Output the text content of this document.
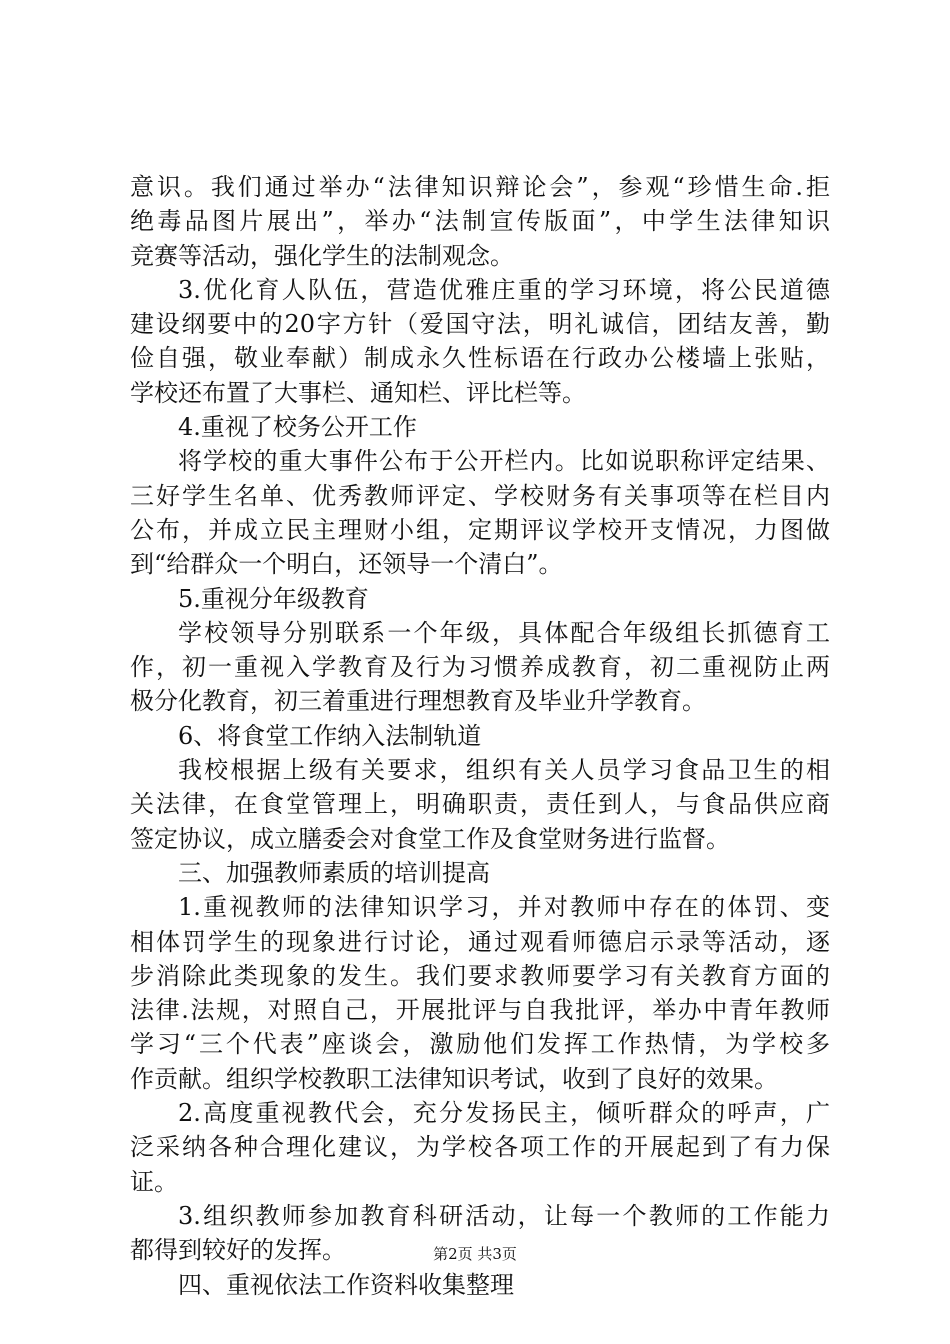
意识。我们通过举办“法律知识辩论会”，参观“珍惜生命.拒
绝毒品图片展出”，举办“法制宣传版面”，中学生法律知识
竞赛等活动，强化学生的法制观念。
3.优化育人队伍，营造优雅庄重的学习环境，将公民道德
建设纲要中的20字方针（爱国守法，明礼诚信，团结友善，勤
俭自强，敬业奉献）制成永久性标语在行政办公楼墙上张贴，
学校还布置了大事栏、通知栏、评比栏等。
4.重视了校务公开工作
将学校的重大事件公布于公开栏内。比如说职称评定结果、
三好学生名单、优秀教师评定、学校财务有关事项等在栏目内
公布，并成立民主理财小组，定期评议学校开支情况，力图做
到“给群众一个明白，还领导一个清白”。
5.重视分年级教育
学校领导分别联系一个年级，具体配合年级组长抓德育工
作，初一重视入学教育及行为习惯养成教育，初二重视防止两
极分化教育，初三着重进行理想教育及毕业升学教育。
6、将食堂工作纳入法制轨道
我校根据上级有关要求，组织有关人员学习食品卫生的相
关法律，在食堂管理上，明确职责，责任到人，与食品供应商
签定协议，成立膳委会对食堂工作及食堂财务进行监督。
三、加强教师素质的培训提高
1.重视教师的法律知识学习，并对教师中存在的体罚、变
相体罚学生的现象进行讨论，通过观看师德启示录等活动，逐
步消除此类现象的发生。我们要求教师要学习有关教育方面的
法律.法规，对照自己，开展批评与自我批评，举办中青年教师
学习“三个代表”座谈会，激励他们发挥工作热情，为学校多
作贡献。组织学校教职工法律知识考试，收到了良好的效果。
2.高度重视教代会，充分发扬民主，倾听群众的呼声，广
泛采纳各种合理化建议，为学校各项工作的开展起到了有力保
证。
3.组织教师参加教育科研活动，让每一个教师的工作能力
都得到较好的发挥。
四、重视依法工作资料收集整理
第2页 共3页
